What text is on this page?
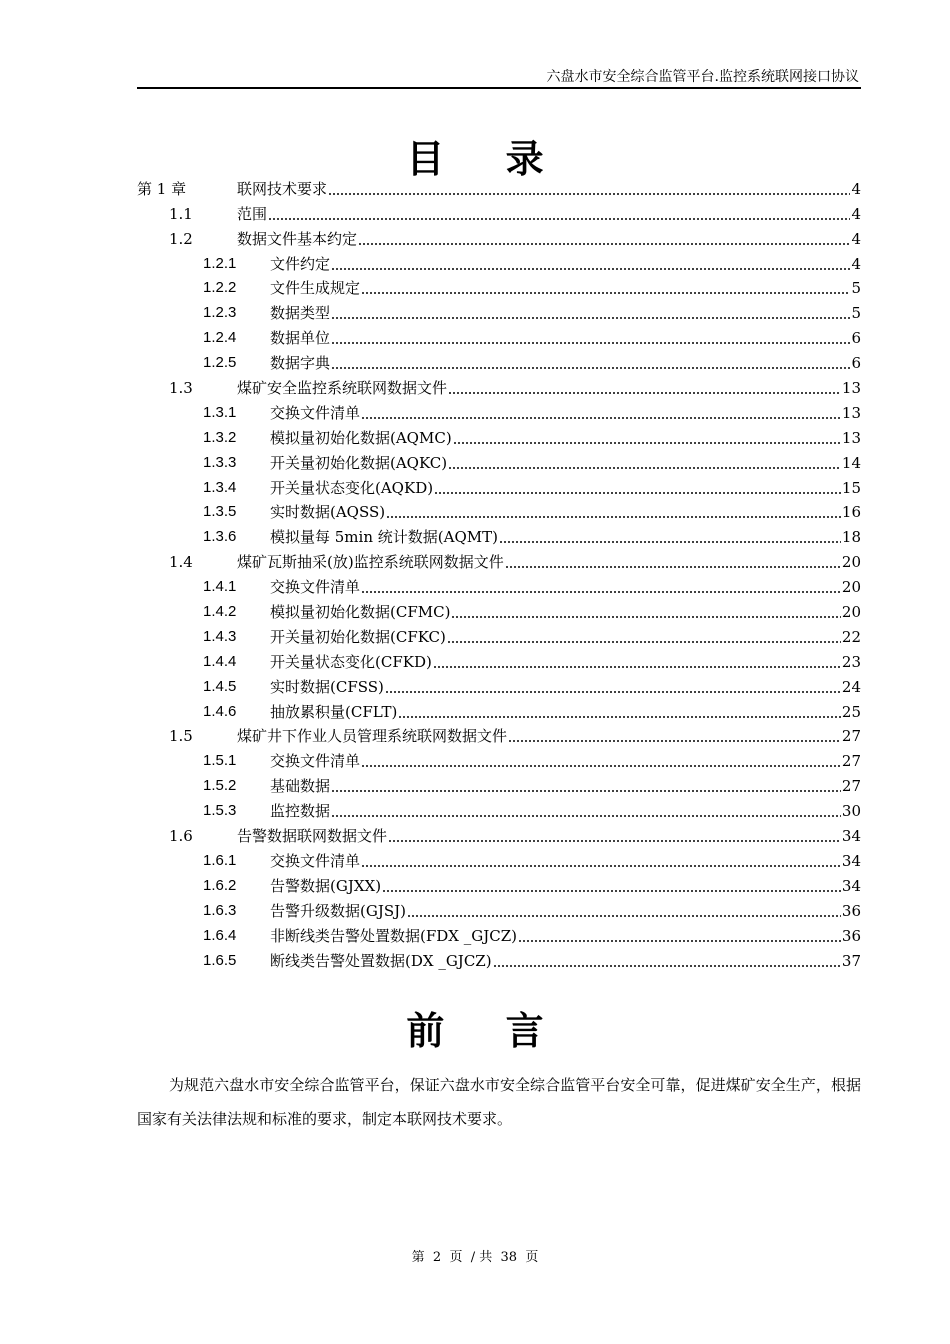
六盘水市安全综合监管平台.监控系统联网接口协议
目 录
第 1 章	联网技术要求	4
1.1	范围	4
1.2	数据文件基本约定	4
1.2.1	文件约定	4
1.2.2	文件生成规定	5
1.2.3	数据类型	5
1.2.4	数据单位	6
1.2.5	数据字典	6
1.3	煤矿安全监控系统联网数据文件	13
1.3.1	交换文件清单	13
1.3.2	模拟量初始化数据(AQMC)	13
1.3.3	开关量初始化数据(AQKC)	14
1.3.4	开关量状态变化(AQKD)	15
1.3.5	实时数据(AQSS)	16
1.3.6	模拟量每 5min 统计数据(AQMT)	18
1.4	煤矿瓦斯抽采(放)监控系统联网数据文件	20
1.4.1	交换文件清单	20
1.4.2	模拟量初始化数据(CFMC)	20
1.4.3	开关量初始化数据(CFKC)	22
1.4.4	开关量状态变化(CFKD)	23
1.4.5	实时数据(CFSS)	24
1.4.6	抽放累积量(CFLT)	25
1.5	煤矿井下作业人员管理系统联网数据文件	27
1.5.1	交换文件清单	27
1.5.2	基础数据	27
1.5.3	监控数据	30
1.6	告警数据联网数据文件	34
1.6.1	交换文件清单	34
1.6.2	告警数据(GJXX)	34
1.6.3	告警升级数据(GJSJ)	36
1.6.4	非断线类告警处置数据(FDX _GJCZ)	36
1.6.5	断线类告警处置数据(DX _GJCZ)	37
前 言
为规范六盘水市安全综合监管平台，保证六盘水市安全综合监管平台安全可靠，促进煤矿安全生产，根据国家有关法律法规和标准的要求，制定本联网技术要求。
第  2  页  / 共  38  页
